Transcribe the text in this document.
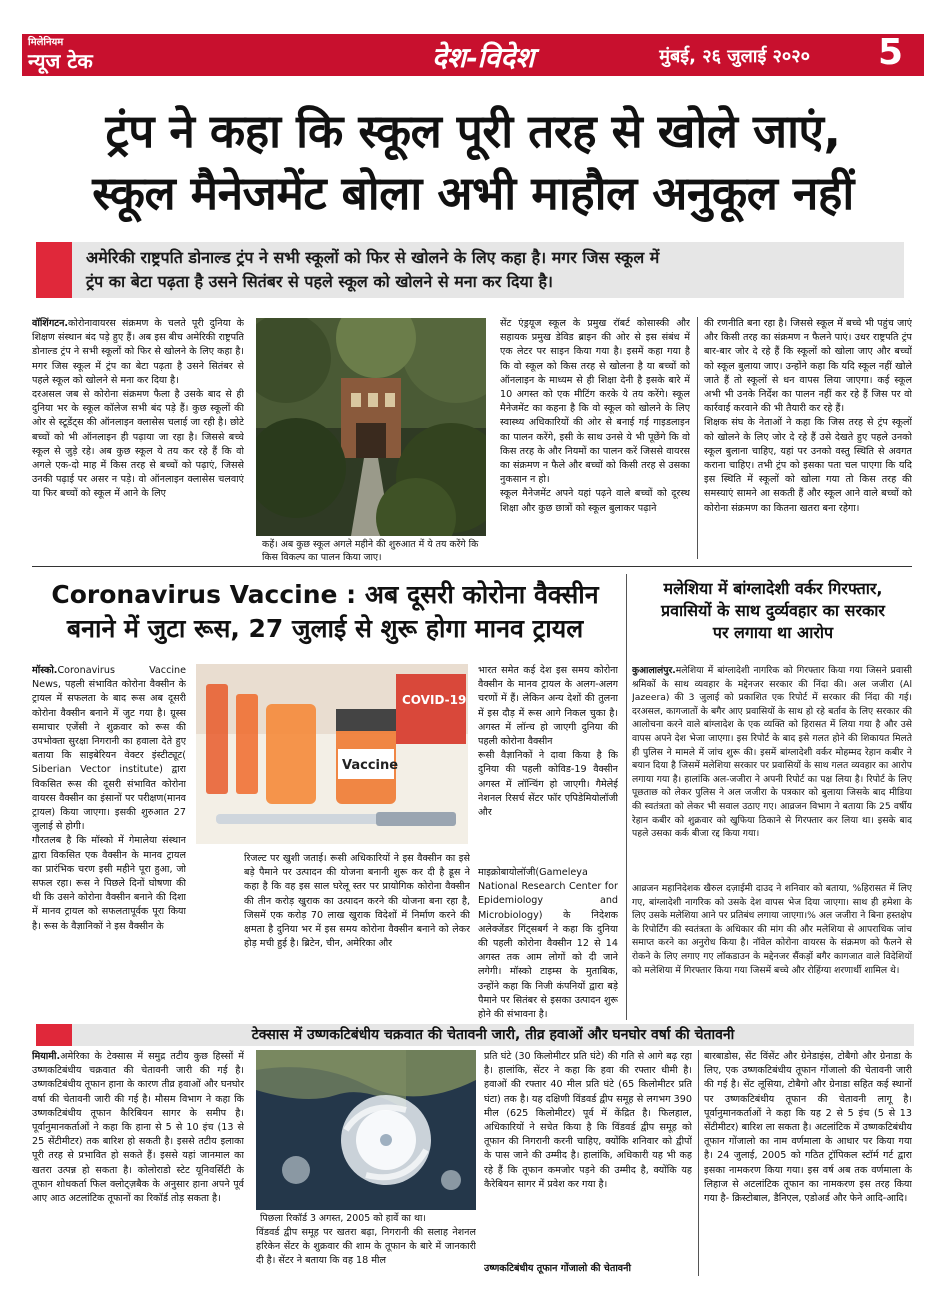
मिलेनियम
न्यूज टेक	देश-विदेश	मुंबई, २६ जुलाई २०२० 5
ट्रंप ने कहा कि स्कूल पूरी तरह से खोले जाएं,
स्कूल मैनेजमेंट बोला अभी माहौल अनुकूल नहीं
अमेरिकी राष्ट्रपति डोनाल्ड ट्रंप ने सभी स्कूलों को फिर से खोलने के लिए कहा है। मगर जिस स्कूल में
ट्रंप का बेटा पढ़ता है उसने सितंबर से पहले स्कूल को खोलने से मना कर दिया है।

वॉशिंगटन.कोरोनावायरस संक्रमण के चलते पूरी दुनिया के शिक्षण संस्थान बंद पड़े हुए हैं। अब इस बीच अमेरिकी राष्ट्रपति डोनाल्ड ट्रंप ने सभी स्कूलों को फिर से खोलने के लिए कहा है। मगर जिस स्कूल में ट्रंप का बेटा पढ़ता है उसने सितंबर से पहले स्कूल को खोलने से मना कर दिया है।

दरअसल जब से कोरोना संक्रमण फैला है उसके बाद से ही दुनिया भर के स्कूल कॉलेज सभी बंद पड़े हैं। कुछ स्कूलों की ओर से स्टूडेंट्स की ऑनलाइन क्लासेस चलाई जा रही है। छोटे बच्चों को भी ऑनलाइन ही पढ़ाया जा रहा है। जिससे बच्चे स्कूल से जुड़े रहे। अब कुछ स्कूल ये तय कर रहे हैं कि वो अगले एक-दो माह में किस तरह से बच्चों को पढ़ाएं, जिससे उनकी पढ़ाई पर असर न पड़े। वो ऑनलाइन क्लासेस चलवाएं या फिर बच्चों को स्कूल में आने के लिए

कहें। अब कुछ स्कूल अगले महीने की शुरुआत में ये तय करेंगे कि किस विकल्प का पालन किया जाए।

सेंट एंड्रयूज स्कूल के प्रमुख रॉबर्ट कोसास्की और सहायक प्रमुख डेविड ब्राइन की ओर से इस संबंध में एक लेटर पर साइन किया गया है। इसमें कहा गया है कि वो स्कूल को किस तरह से खोलना है या बच्चों को ऑनलाइन के माध्यम से ही शिक्षा देनी है इसके बारे में 10 अगस्त को एक मीटिंग करके ये तय करेंगे। स्कूल मैनेजमेंट का कहना है कि वो स्कूल को खोलने के लिए स्वास्थ्य अधिकारियों की ओर से बनाई गई गाइडलाइन का पालन करेंगे, इसी के साथ उनसे ये भी पूछेंगे कि वो किस तरह के और नियमों का पालन करें जिससे वायरस का संक्रमण न फैले और बच्चों को किसी तरह से उसका नुकसान न हो।

स्कूल मैनेजमेंट अपने यहां पढ़ने वाले बच्चों को दूरस्थ शिक्षा और कुछ छात्रों को स्कूल बुलाकर पढ़ाने

की रणनीति बना रहा है। जिससे स्कूल में बच्चे भी पहुंच जाएं और किसी तरह का संक्रमण न फैलने पाएं। उधर राष्ट्रपति ट्रंप बार-बार जोर दे रहे हैं कि स्कूलों को खोला जाए और बच्चों को स्कूल बुलाया जाए। उन्होंने कहा कि यदि स्कूल नहीं खोले जाते हैं तो स्कूलों से धन वापस लिया जाएगा। कई स्कूल अभी भी उनके निर्देश का पालन नहीं कर रहे हैं जिस पर वो कार्रवाई करवाने की भी तैयारी कर रहे हैं।

शिक्षक संघ के नेताओं ने कहा कि जिस तरह से ट्रंप स्कूलों को खोलने के लिए जोर दे रहे हैं उसे देखते हुए पहले उनको स्कूल बुलाना चाहिए, यहां पर उनको वस्तु स्थिति से अवगत कराना चाहिए। तभी ट्रंप को इसका पता चल पाएगा कि यदि इस स्थिति में स्कूलों को खोला गया तो किस तरह की समस्याएं सामने आ सकती हैं और स्कूल आने वाले बच्चों को कोरोना संक्रमण का कितना खतरा बना रहेगा।

Coronavirus Vaccine : अब दूसरी कोरोना वैक्सीन
बनाने में जुटा रूस, 27 जुलाई से शुरू होगा मानव ट्रायल

मॉस्को.Coronavirus Vaccine News, पहली संभावित कोरोना वैक्सीन के ट्रायल में सफलता के बाद रूस अब दूसरी कोरोना वैक्सीन बनाने में जुट गया है। ग्रूस्स समाचार एजेंसी ने शुक्रवार को रूस की उपभोक्ता सुरक्षा निगरानी का हवाला देते हुए बताया कि साइबेरियन वेक्टर इंस्टीट्यूट( Siberian Vector institute) द्वारा विकसित रूस की दूसरी संभावित कोरोना वायरस वैक्सीन का इंसानों पर परीक्षण(मानव ट्रायल) किया जाएगा। इसकी शुरुआत 27 जुलाई से होगी।

गौरतलब है कि मॉस्को में गेमालेया संस्थान द्वारा विकसित एक वैक्सीन के मानव ट्रायल का प्रारंभिक चरण इसी महीने पूरा हुआ, जो सफल रहा। रूस ने पिछले दिनों घोषणा की थी कि उसने कोरोना वैक्सीन बनाने की दिशा में मानव ट्रायल को सफलतापूर्वक पूरा किया है। रूस के वैज्ञानिकों ने इस वैक्सीन के

Vaccine
COVID-19

रिजल्ट पर खुशी जताई। रूसी अधिकारियों ने इस वैक्सीन का इसे बड़े पैमाने पर उत्पादन की योजना बनानी शुरू कर दी है ह्रूस ने कहा है कि वह इस साल घरेलू स्तर पर प्रायोगिक कोरोना वैक्सीन की तीन करोड़ खुराक का उत्पादन करने की योजना बना रहा है, जिसमें एक करोड़ 70 लाख खुराक विदेशों में निर्माण करने की क्षमता है दुनिया भर में इस समय कोरोना वैक्सीन बनाने को लेकर होड़ मची हुई है। ब्रिटेन, चीन, अमेरिका और

भारत समेत कई देश इस समय कोरोना वैक्सीन के मानव ट्रायल के अलग-अलग चरणों में हैं। लेकिन अन्य देशों की तुलना में इस दौड़ में रूस आगे निकल चुका है।अगस्त में लॉन्च हो जाएगी दुनिया की पहली कोरोना वैक्सीन

रूसी वैज्ञानिकों ने दावा किया है कि दुनिया की पहली कोविड-19 वैक्सीन अगस्त में लॉन्चिंग हो जाएगी। गैमेलेई नेशनल रिसर्च सेंटर फॉर एपिडेमियोलॉजी और

माइक्रोबायोलॉजी(Gameleya National Research Center for Epidemiology and Microbiology) के निदेशक अलेक्जेंडर गिंट्सबर्ग ने कहा कि दुनिया की पहली कोरोना वैक्सीन 12 से 14 अगस्त तक आम लोगों को दी जाने लगेगी। मॉस्को टाइम्स के मुताबिक, उन्होंने कहा कि निजी कंपनियों द्वारा बड़े पैमाने पर सितंबर से इसका उत्पादन शुरू होने की संभावना है।

मलेशिया में बांग्लादेशी वर्कर गिरफ्तार,
प्रवासियों के साथ दुर्व्यवहार का सरकार
पर लगाया था आरोप

कुआलालंपुर.मलेशिया में बांग्लादेशी नागरिक को गिरफ्तार किया गया जिसने प्रवासी श्रमिकों के साथ व्यवहार के मद्देनजर सरकार की निंदा की। अल जजीरा (Al Jazeera) की 3 जुलाई को प्रकाशित एक रिपोर्ट में सरकार की निंदा की गई। दरअसल, कागजातों के बगैर आए प्रवासियों के साथ हो रहे बर्ताव के लिए सरकार की आलोचना करने वाले बांग्लादेश के एक व्यक्ति को हिरासत में लिया गया है और उसे वापस अपने देश भेजा जाएगा। इस रिपोर्ट के बाद इसे गलत होने की शिकायत मिलते ही पुलिस ने मामले में जांच शुरू की। इसमें बांग्लादेशी वर्कर मोहम्मद रेहान कबीर ने बयान दिया है जिसमें मलेशिया सरकार पर प्रवासियों के साथ गलत व्यवहार का आरोप लगाया गया है। हालांकि अल-जजीरा ने अपनी रिपोर्ट का पक्ष लिया है। रिपोर्ट के लिए पूछताछ को लेकर पुलिस ने अल जजीरा के पत्रकार को बुलाया जिसके बाद मीडिया की स्वतंत्रता को लेकर भी सवाल उठाए गए। आव्रजन विभाग ने बताया कि 25 वर्षीय रेहान कबीर को शुक्रवार को खुफिया ठिकाने से गिरफ्तार कर लिया था। इसके बाद पहले उसका कर्क बीजा रद्द किया गया।

आव्रजन महानिदेशक खैरुल दज़ाईमी दाउद ने शनिवार को बताया, %हिरासत में लिए गए, बांग्लादेशी नागरिक को उसके देश वापस भेज दिया जाएगा। साथ ही हमेशा के लिए उसके मलेशिया आने पर प्रतिबंध लगाया जाएगा।% अल जजीरा ने बिना हस्तक्षेप के रिपोर्टिंग की स्वतंत्रता के अधिकार की मांग की और मलेशिया से आपराधिक जांच समाप्त करने का अनुरोध किया है। नॉवेल कोरोना वायरस के संक्रमण को फैलने से रोकने के लिए लगाए गए लॉकडाउन के मद्देनजर सैंकड़ों बगैर कागजात वाले विदेशियों को मलेशिया में गिरफ्तार किया गया जिसमें बच्चे और रोहिंग्या शरणार्थी शामिल थे।

टेक्सास में उष्णकटिबंधीय चक्रवात की चेतावनी जारी, तीव्र हवाओं और घनघोर वर्षा की चेतावनी

मियामी.अमेरिका के टेक्सास में समुद्र तटीय कुछ हिस्सों में उष्णकटिबंधीय चक्रवात की चेतावनी जारी की गई है। उष्णकटिबंधीय तूफान हाना के कारण तीव्र हवाओं और घनघोर वर्षा की चेतावनी जारी की गई है। मौसम विभाग ने कहा कि उष्णकटिबंधीय तूफान कैरिबियन सागर के समीप है। पूर्वानुमानकर्ताओं ने कहा कि हाना से 5 से 10 इंच (13 से 25 सेंटीमीटर) तक बारिश हो सकती है। इससे तटीय इलाका पूरी तरह से प्रभावित हो सकते हैं। इससे यहां जानमाल का खतरा उत्पन्न हो सकता है। कोलोराडो स्टेट यूनिवर्सिटी के तूफान शोधकर्ता फिल क्लोट्ज़बैक के अनुसार हाना अपने पूर्व आए आठ अटलांटिक तूफानों का रिकॉर्ड तोड़ सकता है।

पिछला रिकॉर्ड 3 अगस्त, 2005 को हार्वे का था।

विंडवर्ड द्वीप समूह पर खतरा बढ़ा, निगरानी की सलाह नेशनल हरिकेन सेंटर के शुक्रवार की शाम के तूफान के बारे में जानकारी दी है। सेंटर ने बताया कि वह 18 मील

प्रति घंटे (30 किलोमीटर प्रति घंटे) की गति से आगे बढ़ रहा है। हालांकि, सेंटर ने कहा कि हवा की रफ्तार धीमी है। हवाओं की रफ्तार 40 मील प्रति घंटे (65 किलोमीटर प्रति घंटा) तक है। यह दक्षिणी विंडवर्ड द्वीप समूह से लगभग 390 मील (625 किलोमीटर) पूर्व में केंद्रित है। फिलहाल, अधिकारियों ने सचेत किया है कि विंडवर्ड द्वीप समूह को तूफान की निगरानी करनी चाहिए, क्योंकि शनिवार को द्वीपों के पास जाने की उम्मीद है। हालांकि, अधिकारी यह भी कह रहे हैं कि तूफान कमजोर पड़ने की उम्मीद है, क्योंकि यह कैरेबियन सागर में प्रवेश कर गया है।

उष्णकटिबंधीय तूफान गोंजालो की चेतावनी

बारबाडोस, सेंट विंसेंट और ग्रेनेडाइंस, टोबैगो और ग्रेनाडा के लिए, एक उष्णकटिबंधीय तूफान गोंजालो की चेतावनी जारी की गई है। सेंट लूसिया, टोबैगो और ग्रेनाडा सहित कई स्थानों पर उष्णकटिबंधीय तूफान की चेतावनी लागू है। पूर्वानुमानकर्ताओं ने कहा कि यह 2 से 5 इंच (5 से 13 सेंटीमीटर) बारिश ला सकता है। अटलांटिक में उष्णकटिबंधीय तूफान गोंजालो का नाम वर्णमाला के आधार पर किया गया है। 24 जुलाई, 2005 को गठित ट्रॉपिकल स्टॉर्म गर्ट द्वारा इसका नामकरण किया गया। इस वर्ष अब तक वर्णमाला के लिहाज से अटलांटिक तूफान का नामकरण इस तरह किया गया है- क्रिस्टोबाल, डैनिएल, एडोअर्ड और फेने आदि-आदि।
